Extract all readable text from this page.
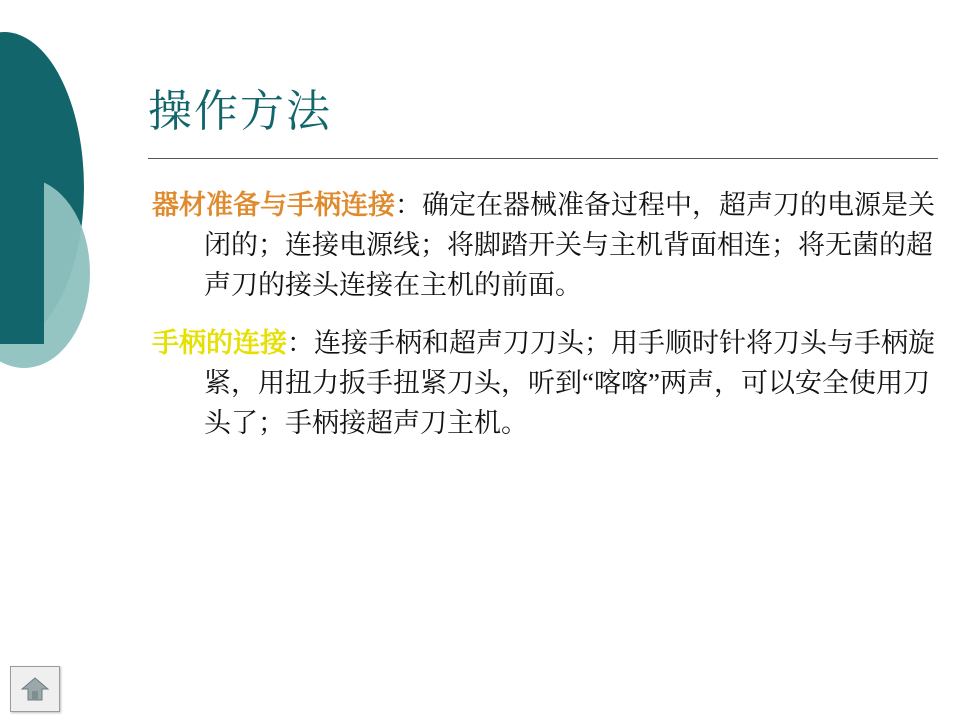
操作方法

器材准备与手柄连接：确定在器械准备过程中，超声刀的电源是关闭的；连接电源线；将脚踏开关与主机背面相连；将无菌的超声刀的接头连接在主机的前面。

手柄的连接：连接手柄和超声刀刀头；用手顺时针将刀头与手柄旋紧，用扭力扳手扭紧刀头，听到“喀喀”两声，可以安全使用刀头了；手柄接超声刀主机。
